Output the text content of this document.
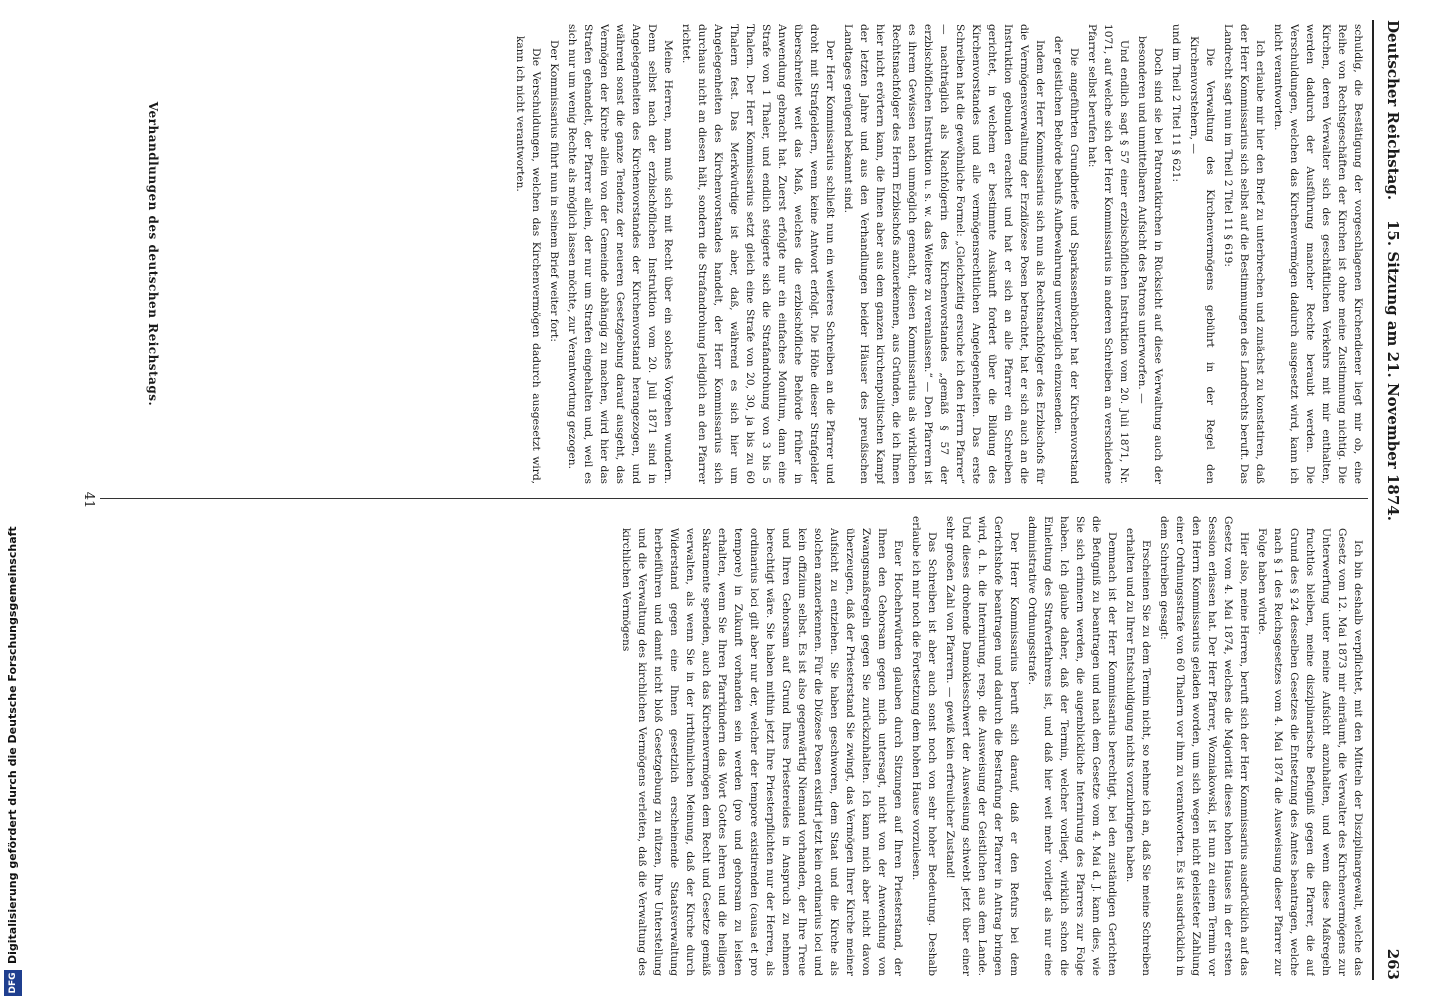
Deutscher Reichstag.
15. Sitzung am 21. November 1874.
263

schuldig, die Bestätigung der vorgeschlagenen Kirchendiener liegt mir ob, eine Reihe von Rechtsgeschäften der Kirchen ist ohne meine Zustimmung nichtig. Die Kirchen, deren Verwalter sich des geschäftlichen Verkehrs mit mir enthalten, werden dadurch der Ausführung mancher Rechte beraubt werden. Die Verschuldungen, welchen das Kirchenvermögen dadurch ausgesetzt wird, kann ich nicht verantworten.

Ich erlaube mir hier den Brief zu unterbrechen und zunächst zu konstatiren, daß der Herr Kommissarius sich selbst auf die Bestimmungen des Landrechts beruft. Das Landrecht sagt nun im Theil 2 Titel 11 § 619:

Die Verwaltung des Kirchenvermögens gebührt in der Regel den Kirchenvorstehern, —

und im Theil 2 Titel 11 § 621:

Doch sind sie bei Patronatkirchen in Rücksicht auf diese Verwaltung auch der besonderen und unmittelbaren Aufsicht des Patrons unterworfen. —

Und endlich sagt § 57 einer erzbischöflichen Instruktion vom 20. Juli 1871, Nr. 1071, auf welche sich der Herr Kommissarius in anderen Schreiben an verschiedene Pfarrer selbst berufen hat:

Die angeführten Grundbriefe und Sparkassenbücher hat der Kirchenvorstand der geistlichen Behörde behufs Aufbewahrung unverzüglich einzusenden.

Indem der Herr Kommissarius sich nun als Rechtsnachfolger des Erzbischofs für die Vermögensverwaltung der Erzdiözese Posen betrachtet, hat er sich auch an die Instruktion gebunden erachtet und hat er sich an alle Pfarrer ein Schreiben gerichtet, in welchem er bestimmte Auskunft fordert über die Bildung des Kirchenvorstandes und alle vermögensrechtlichen Angelegenheiten. Das erste Schreiben hat die gewöhnliche Formel: „Gleichzeitig ersuche ich den Herrn Pfarrer“ — nachträglich als Nachfolgerin des Kirchenvorstandes „gemäß § 57 der erzbischöflichen Instruktion u. s. w. das Weitere zu veranlassen.“ — Den Pfarrern ist es ihrem Gewissen nach unmöglich gemacht, diesen Kommissarius als wirklichen Rechtsnachfolger des Herrn Erzbischofs anzuerkennen, aus Gründen, die ich Ihnen hier nicht erörtern kann, die Ihnen aber aus dem ganzen kirchenpolitischen Kampf der letzten Jahre und aus den Verhandlungen beider Häuser des preußischen Landtages genügend bekannt sind.

Der Herr Kommissarius schließt nun ein weiteres Schreiben an die Pfarrer und droht mit Strafgeldern, wenn keine Antwort erfolgt. Die Höhe dieser Strafgelder überschreitet weit das Maß, welches die erzbischöfliche Behörde früher in Anwendung gebracht hat. Zuerst erfolgte nur ein einfaches Monitum, dann eine Strafe von 1 Thaler, und endlich steigerte sich die Strafandrohung von 3 bis 5 Thalern. Der Herr Kommissarius setzt gleich eine Strafe von 20, 30, ja bis zu 60 Thalern fest. Das Merkwürdige ist aber, daß, während es sich hier um Angelegenheiten des Kirchenvorstandes handelt, der Herr Kommissarius sich durchaus nicht an diesen hält, sondern die Strafandrohung lediglich an den Pfarrer richtet.

Meine Herren, man muß sich mit Recht über ein solches Vorgehen wundern. Denn selbst nach der erzbischöflichen Instruktion vom 20. Juli 1871 sind in Angelegenheiten des Kirchenvorstandes der Kirchenvorstand herangezogen, und während sonst die ganze Tendenz der neueren Gesetzgebung darauf ausgeht, das Vermögen der Kirche allein von der Gemeinde abhängig zu machen, wird hier das Strafen gehandelt, der Pfarrer allein, der nur um Strafen eingehalten und, weil es sich nur um wenig Rechte als möglich lassen möchte, zur Verantwortung gezogen.

Der Kommissarius führt nun in seinem Brief weiter fort:

Die Verschuldungen, welchen das Kirchenvermögen dadurch ausgesetzt wird, kann ich nicht verantworten.

Verhandlungen des deutschen Reichstags.

Ich bin deshalb verpflichtet, mit den Mitteln der Disziplinargewalt, welche das Gesetz vom 12. Mai 1873 mir einräumt, die Verwalter des Kirchenvermögens zur Unterwerfung unter meine Aufsicht anzuhalten, und wenn diese Maßregeln fruchtlos bleiben, meine disziplinarische Befugniß gegen die Pfarrer, die auf Grund des § 24 desselben Gesetzes die Entsetzung des Amtes beantragen, welche nach § 1 des Reichsgesetzes vom 4. Mai 1874 die Ausweisung dieser Pfarrer zur Folge haben würde.

Hier also, meine Herren, beruft sich der Herr Kommissarius ausdrücklich auf das Gesetz vom 4. Mai 1874, welches die Majorität dieses hohen Hauses in der ersten Session erlassen hat. Der Herr Pfarrer, Wozniakowski, ist nun zu einem Termin vor den Herrn Kommissarius geladen worden, um sich wegen nicht geleisteter Zahlung einer Ordnungsstrafe von 60 Thalern vor ihm zu verantworten. Es ist ausdrücklich in dem Schreiben gesagt:

Erscheinen Sie zu dem Termin nicht, so nehme ich an, daß Sie meine Schreiben erhalten und zu Ihrer Entschuldigung nichts vorzubringen haben.

Demnach ist der Herr Kommissarius berechtigt, bei den zuständigen Gerichten die Befugniß zu beantragen und nach dem Gesetze vom 4. Mai d. J. kann dies, wie Sie sich erinnern werden, die augenblickliche Internirung des Pfarrers zur Folge haben. Ich glaube daher, daß der Termin, welcher vorliegt, wirklich schon die Einleitung des Strafverfahrens ist, und daß hier weit mehr vorliegt als nur eine administrative Ordnungsstrafe.

Der Herr Kommissarius beruft sich darauf, daß er den Refurs bei dem Gerichtshofe beantragen und dadurch die Bestrafung der Pfarrer in Antrag bringen wird, d. h. die Internirung, resp. die Ausweisung der Geistlichen aus dem Lande. Und dieses drohende Damoklesschwert der Ausweisung schwebt jetzt über einer sehr großen Zahl von Pfarrern. — gewiß kein erfreulicher Zustand!

Das Schreiben ist aber auch sonst noch von sehr hoher Bedeutung. Deshalb erlaube ich mir noch die Fortsetzung dem hohen Hause vorzulesen.

Euer Hochehrwürden glauben durch Sitzungen auf Ihren Priesterstand, der Ihnen den Gehorsam gegen mich untersagt, nicht von der Anwendung von Zwangsmaßregeln gegen Sie zurückzuhalten. Ich kann mich aber nicht davon überzeugen, daß der Priesterstand Sie zwingt, das Vermögen Ihrer Kirche meiner Aufsicht zu entziehen. Sie haben geschworen, dem Staat und die Kirche als solchen anzuerkennen. Für die Diözese Posen existirt jetzt kein ordinarius loci und kein offizium selbst. Es ist also gegenwärtig Niemand vorhanden, der Ihre Treue und Ihren Gehorsam auf Grund Ihres Priestereides in Anspruch zu nehmen berechtigt wäre. Sie haben mithin jetzt Ihre Priesterpflichten nur der Herren, als ordinarius loci gilt aber nur der, welcher der tempore existirenden (causa et pro tempore) in Zukunft vorhanden sein werden (pro und gehorsam zu leisten erhalten, wenn Sie Ihren Pfarrkindern das Wort Gottes lehren und die heiligen Sakramente spenden, auch das Kirchenvermögen dem Recht und Gesetze gemäß verwalten, als wenn Sie in der irrthümlichen Meinung, daß der Kirche durch Widerstand gegen eine Ihnen gesetzlich erscheinende Staatsverwaltung herbeiführen und damit nicht bloß Gesetzgebung zu nützen, Ihre Unterstellung und die Verwaltung des kirchlichen Vermögens verleiten, daß die Verwaltung des kirchlichen Vermögens

41
DFG
Digitalisierung gefördert durch die Deutsche Forschungsgemeinschaft
